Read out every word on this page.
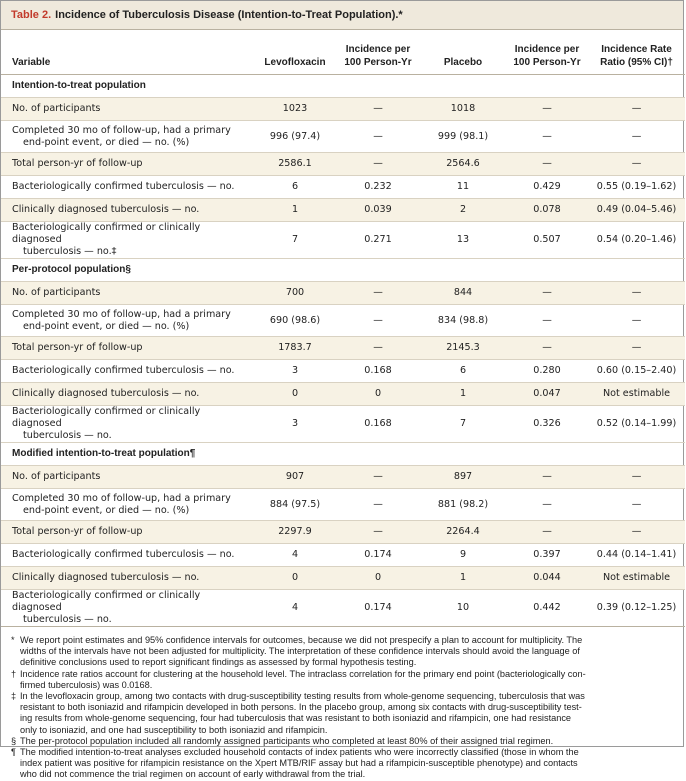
Table 2. Incidence of Tuberculosis Disease (Intention-to-Treat Population).*
Variable	Levofloxacin	Incidence per 100 Person-Yr	Placebo	Incidence per 100 Person-Yr	Incidence Rate Ratio (95% CI)†
Intention-to-treat population					
No. of participants	1023	—	1018	—	—
Completed 30 mo of follow-up, had a primary
end-point event, or died — no. (%)	996 (97.4)	—	999 (98.1)	—	—
Total person-yr of follow-up	2586.1	—	2564.6	—	—
Bacteriologically confirmed tuberculosis — no.	6	0.232	11	0.429	0.55 (0.19–1.62)
Clinically diagnosed tuberculosis — no.	1	0.039	2	0.078	0.49 (0.04–5.46)
Bacteriologically confirmed or clinically diagnosed
tuberculosis — no.‡	7	0.271	13	0.507	0.54 (0.20–1.46)
Per-protocol population§					
No. of participants	700	—	844	—	—
Completed 30 mo of follow-up, had a primary
end-point event, or died — no. (%)	690 (98.6)	—	834 (98.8)	—	—
Total person-yr of follow-up	1783.7	—	2145.3	—	—
Bacteriologically confirmed tuberculosis — no.	3	0.168	6	0.280	0.60 (0.15–2.40)
Clinically diagnosed tuberculosis — no.	0	0	1	0.047	Not estimable
Bacteriologically confirmed or clinically diagnosed
tuberculosis — no.	3	0.168	7	0.326	0.52 (0.14–1.99)
Modified intention-to-treat population¶					
No. of participants	907	—	897	—	—
Completed 30 mo of follow-up, had a primary
end-point event, or died — no. (%)	884 (97.5)	—	881 (98.2)	—	—
Total person-yr of follow-up	2297.9	—	2264.4	—	—
Bacteriologically confirmed tuberculosis — no.	4	0.174	9	0.397	0.44 (0.14–1.41)
Clinically diagnosed tuberculosis — no.	0	0	1	0.044	Not estimable
Bacteriologically confirmed or clinically diagnosed
tuberculosis — no.	4	0.174	10	0.442	0.39 (0.12–1.25)
* We report point estimates and 95% confidence intervals for outcomes, because we did not prespecify a plan to account for multiplicity. The
widths of the intervals have not been adjusted for multiplicity. The interpretation of these confidence intervals should avoid the language of
definitive conclusions used to report significant findings as assessed by formal hypothesis testing.
† Incidence rate ratios account for clustering at the household level. The intraclass correlation for the primary end point (bacteriologically con-
firmed tuberculosis) was 0.0168.
‡ In the levofloxacin group, among two contacts with drug-susceptibility testing results from whole-genome sequencing, tuberculosis that was
resistant to both isoniazid and rifampicin developed in both persons. In the placebo group, among six contacts with drug-susceptibility test-
ing results from whole-genome sequencing, four had tuberculosis that was resistant to both isoniazid and rifampicin, one had resistance
only to isoniazid, and one had susceptibility to both isoniazid and rifampicin.
§ The per-protocol population included all randomly assigned participants who completed at least 80% of their assigned trial regimen.
¶ The modified intention-to-treat analyses excluded household contacts of index patients who were incorrectly classified (those in whom the
index patient was positive for rifampicin resistance on the Xpert MTB/RIF assay but had a rifampicin-susceptible phenotype) and contacts
who did not commence the trial regimen on account of early withdrawal from the trial.
